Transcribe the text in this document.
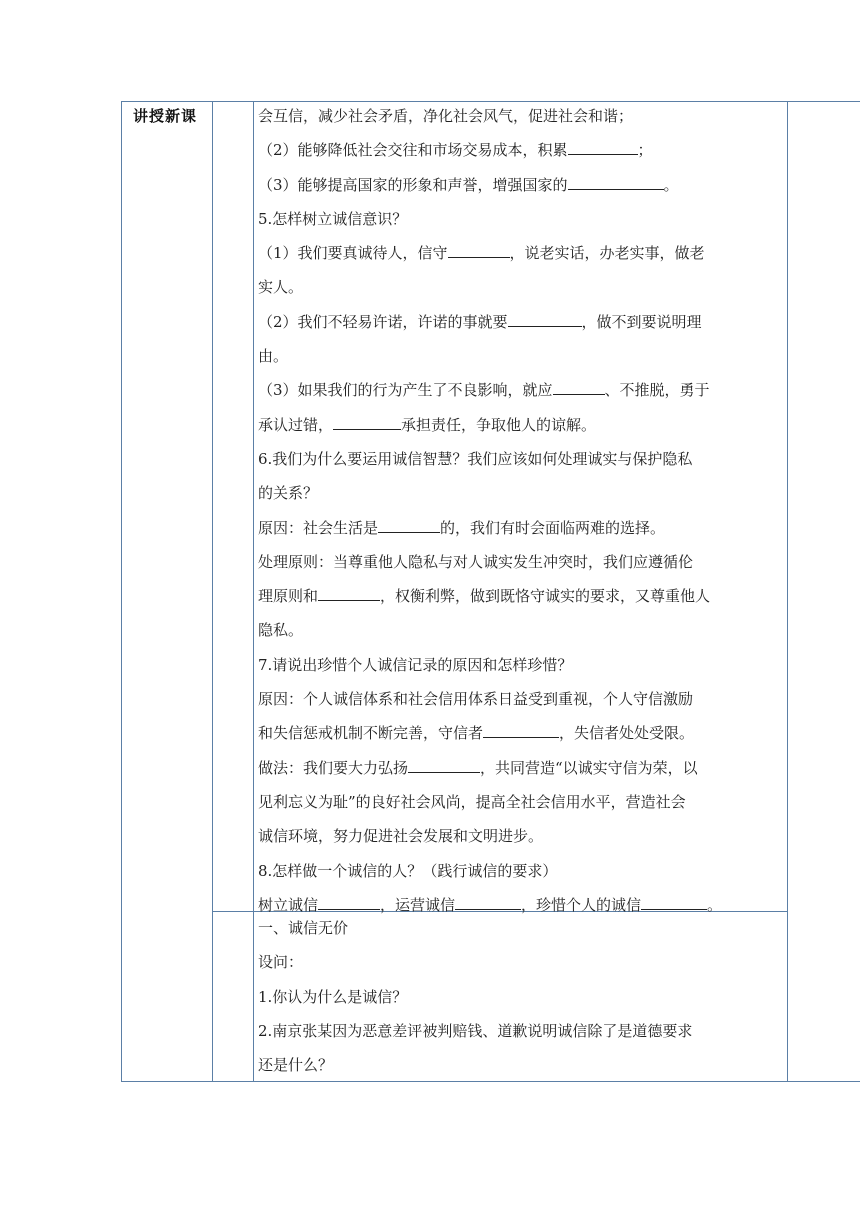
讲授新课	会互信，减少社会矛盾，净化社会风气，促进社会和谐；

（2）能够降低社会交往和市场交易成本，积累	；

（3）能够提高国家的形象和声誉，增强国家的	。

5.怎样树立诚信意识？

（1）我们要真诚待人，信守	，说老实话，办老实事，做老

实人。

（2）我们不轻易许诺，许诺的事就要	，做不到要说明理

由。

（3）如果我们的行为产生了不良影响，就应	、不推脱，勇于

承认过错，	承担责任，争取他人的谅解。

6.我们为什么要运用诚信智慧？我们应该如何处理诚实与保护隐私

的关系？

原因：社会生活是	的，我们有时会面临两难的选择。

处理原则：当尊重他人隐私与对人诚实发生冲突时，我们应遵循伦

理原则和	，权衡利弊，做到既恪守诚实的要求，又尊重他人

隐私。

7.请说出珍惜个人诚信记录的原因和怎样珍惜？

原因：个人诚信体系和社会信用体系日益受到重视，个人守信激励

和失信惩戒机制不断完善，守信者	，失信者处处受限。

做法：我们要大力弘扬	，共同营造“以诚实守信为荣，以

见利忘义为耻”的良好社会风尚，提高全社会信用水平，营造社会

诚信环境，努力促进社会发展和文明进步。

8.怎样做一个诚信的人？（践行诚信的要求）

树立诚信	，运营诚信	，珍惜个人的诚信	。

一、诚信无价

设问：

1.你认为什么是诚信？

2.南京张某因为恶意差评被判赔钱、道歉说明诚信除了是道德要求

还是什么？
